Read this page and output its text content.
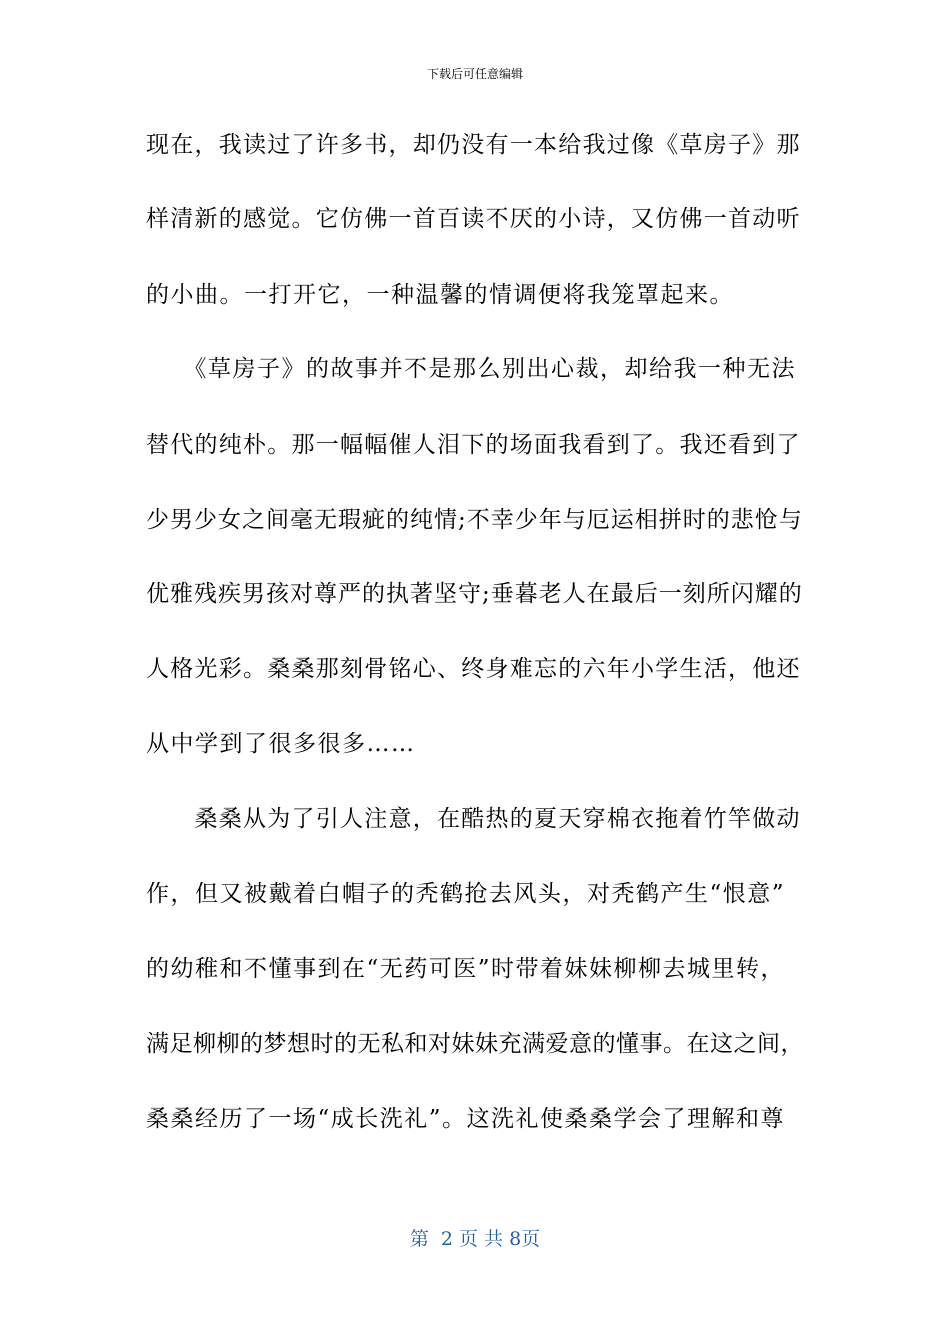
下载后可任意编辑
现在，我读过了许多书，却仍没有一本给我过像《草房子》那
样清新的感觉。它仿佛一首百读不厌的小诗，又仿佛一首动听
的小曲。一打开它，一种温馨的情调便将我笼罩起来。
　　《草房子》的故事并不是那么别出心裁，却给我一种无法
替代的纯朴。那一幅幅催人泪下的场面我看到了。我还看到了
少男少女之间毫无瑕疵的纯情;不幸少年与厄运相拼时的悲怆与
优雅残疾男孩对尊严的执著坚守;垂暮老人在最后一刻所闪耀的
人格光彩。桑桑那刻骨铭心、终身难忘的六年小学生活，他还
从中学到了很多很多……
　　桑桑从为了引人注意，在酷热的夏天穿棉衣拖着竹竿做动
作，但又被戴着白帽子的秃鹤抢去风头，对秃鹤产生“恨意”
的幼稚和不懂事到在“无药可医”时带着妹妹柳柳去城里转，
满足柳柳的梦想时的无私和对妹妹充满爱意的懂事。在这之间，
桑桑经历了一场“成长洗礼”。这洗礼使桑桑学会了理解和尊
第  2 页 共 8页
